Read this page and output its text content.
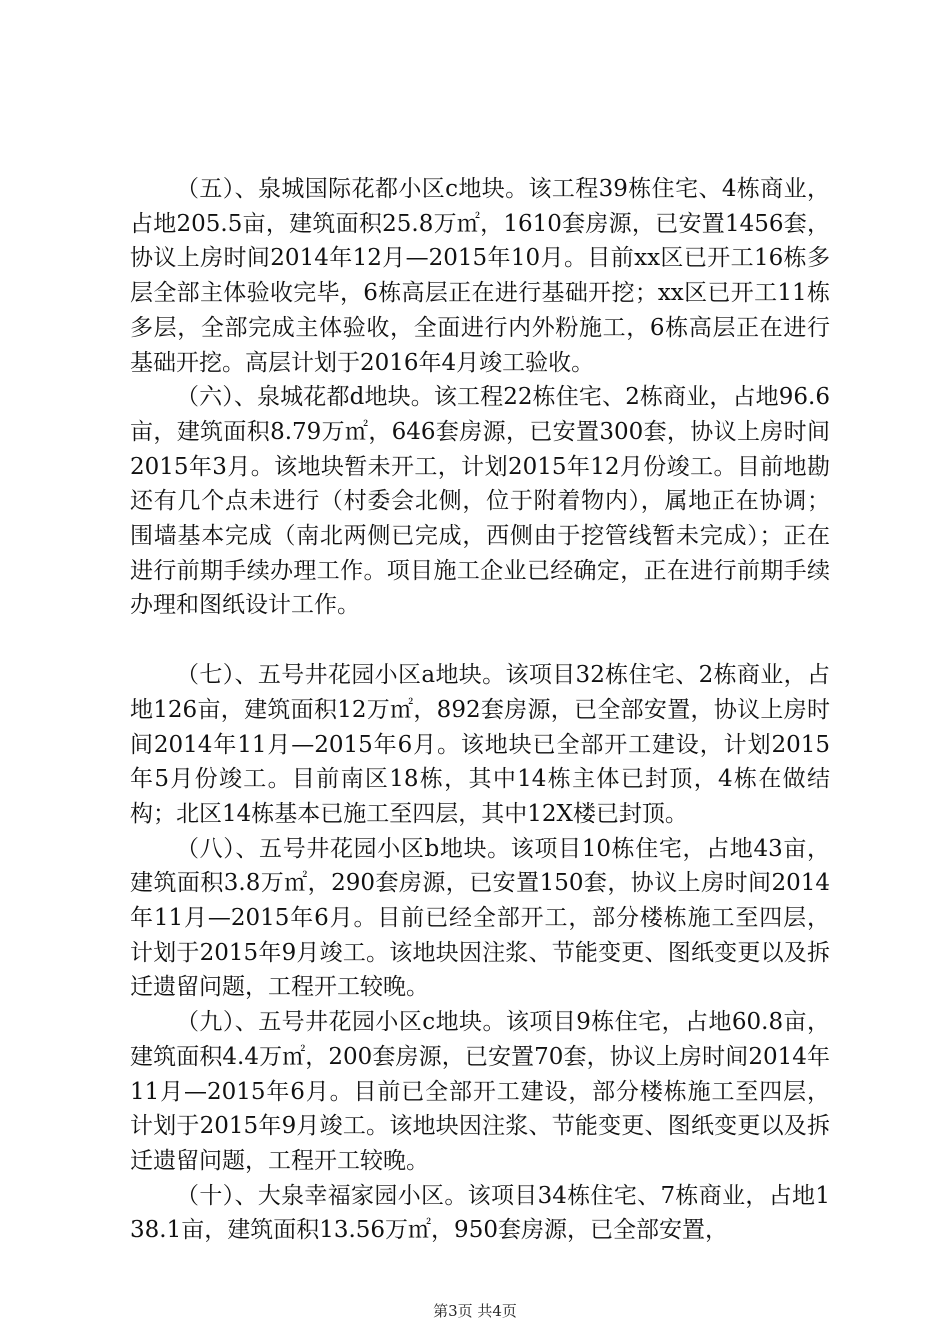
（五）、泉城国际花都小区c地块。该工程39栋住宅、4栋商业，占地205.5亩，建筑面积25.8万㎡，1610套房源，已安置1456套，协议上房时间2014年12月—2015年10月。目前xx区已开工16栋多层全部主体验收完毕，6栋高层正在进行基础开挖；xx区已开工11栋多层，全部完成主体验收，全面进行内外粉施工，6栋高层正在进行基础开挖。高层计划于2016年4月竣工验收。

（六）、泉城花都d地块。该工程22栋住宅、2栋商业，占地96.6亩，建筑面积8.79万㎡，646套房源，已安置300套，协议上房时间2015年3月。该地块暂未开工，计划2015年12月份竣工。目前地勘还有几个点未进行（村委会北侧，位于附着物内），属地正在协调；围墙基本完成（南北两侧已完成，西侧由于挖管线暂未完成）；正在进行前期手续办理工作。项目施工企业已经确定，正在进行前期手续办理和图纸设计工作。

（七）、五号井花园小区a地块。该项目32栋住宅、2栋商业，占地126亩，建筑面积12万㎡，892套房源，已全部安置，协议上房时间2014年11月—2015年6月。该地块已全部开工建设，计划2015年5月份竣工。目前南区18栋，其中14栋主体已封顶，4栋在做结构；北区14栋基本已施工至四层，其中12X楼已封顶。

（八）、五号井花园小区b地块。该项目10栋住宅，占地43亩，建筑面积3.8万㎡，290套房源，已安置150套，协议上房时间2014年11月—2015年6月。目前已经全部开工，部分楼栋施工至四层，计划于2015年9月竣工。该地块因注浆、节能变更、图纸变更以及拆迁遗留问题，工程开工较晚。

（九）、五号井花园小区c地块。该项目9栋住宅，占地60.8亩，建筑面积4.4万㎡，200套房源，已安置70套，协议上房时间2014年11月—2015年6月。目前已全部开工建设，部分楼栋施工至四层，计划于2015年9月竣工。该地块因注浆、节能变更、图纸变更以及拆迁遗留问题，工程开工较晚。

（十）、大泉幸福家园小区。该项目34栋住宅、7栋商业，占地138.1亩，建筑面积13.56万㎡，950套房源，已全部安置，

第3页 共4页
